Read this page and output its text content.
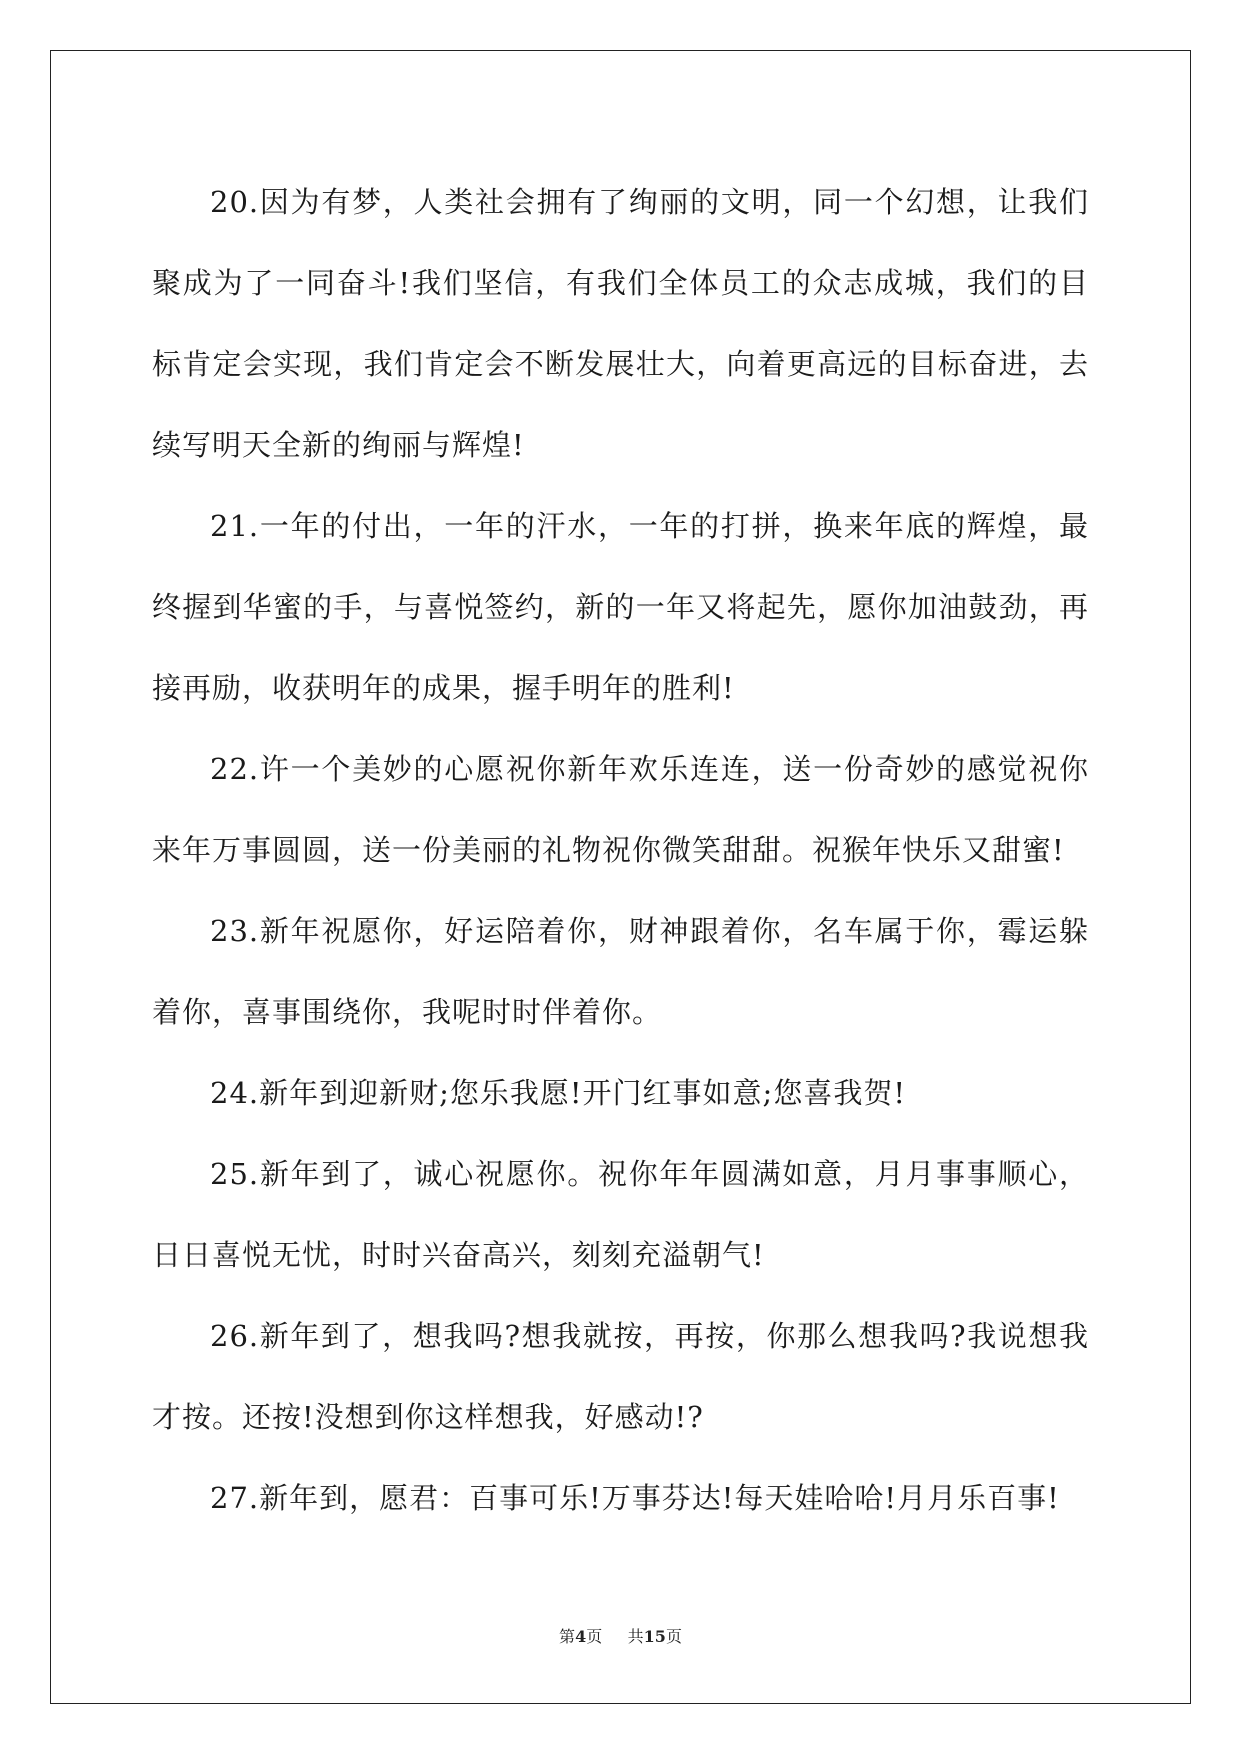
20.因为有梦，人类社会拥有了绚丽的文明，同一个幻想，让我们聚成为了一同奋斗!我们坚信，有我们全体员工的众志成城，我们的目标肯定会实现，我们肯定会不断发展壮大，向着更高远的目标奋进，去续写明天全新的绚丽与辉煌!

21.一年的付出，一年的汗水，一年的打拼，换来年底的辉煌，最终握到华蜜的手，与喜悦签约，新的一年又将起先，愿你加油鼓劲，再接再励，收获明年的成果，握手明年的胜利!

22.许一个美妙的心愿祝你新年欢乐连连，送一份奇妙的感觉祝你来年万事圆圆，送一份美丽的礼物祝你微笑甜甜。祝猴年快乐又甜蜜!

23.新年祝愿你，好运陪着你，财神跟着你，名车属于你，霉运躲着你，喜事围绕你，我呢时时伴着你。

24.新年到迎新财;您乐我愿!开门红事如意;您喜我贺!

25.新年到了，诚心祝愿你。祝你年年圆满如意，月月事事顺心，日日喜悦无忧，时时兴奋高兴，刻刻充溢朝气!

26.新年到了，想我吗?想我就按，再按，你那么想我吗?我说想我才按。还按!没想到你这样想我，好感动!?

27.新年到，愿君：百事可乐!万事芬达!每天娃哈哈!月月乐百事!

第4页 共15页
